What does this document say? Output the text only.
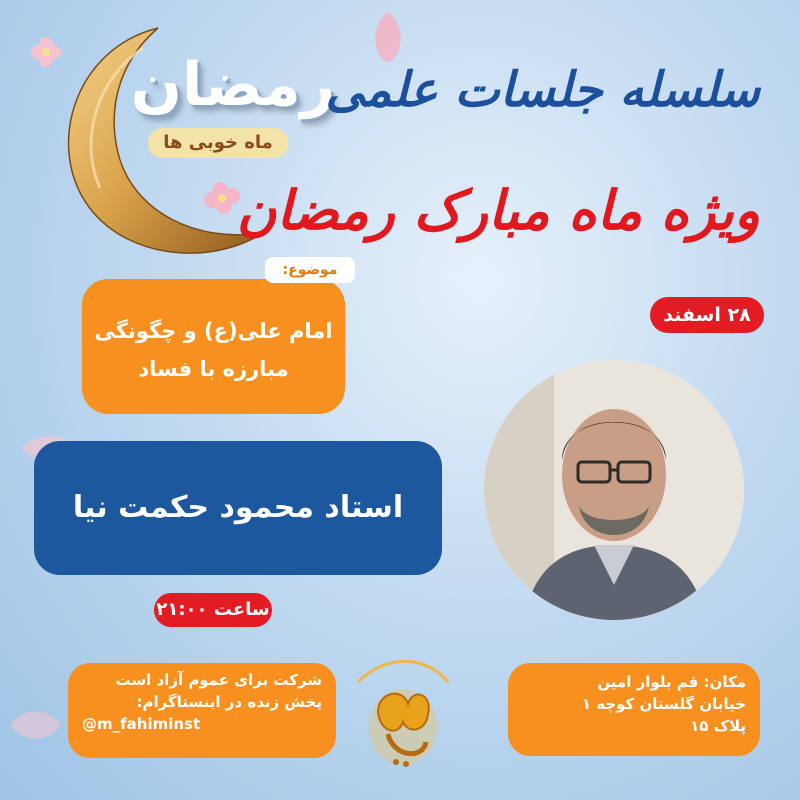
رمضان
ماه خوبی ها
سلسله جلسات علمی
ویژه ماه مبارک رمضان
۲۸ اسفند
امام علی(ع) و چگونگی
مبارزه با فساد
موضوع:
استاد محمود حکمت نیا
ساعت ۲۱:۰۰
شرکت برای عموم آزاد است
پخش زنده در اینستاگرام:
@m_fahiminst
مکان: قم بلوار امین
خیابان گلستان کوچه ۱
پلاک ۱۵
